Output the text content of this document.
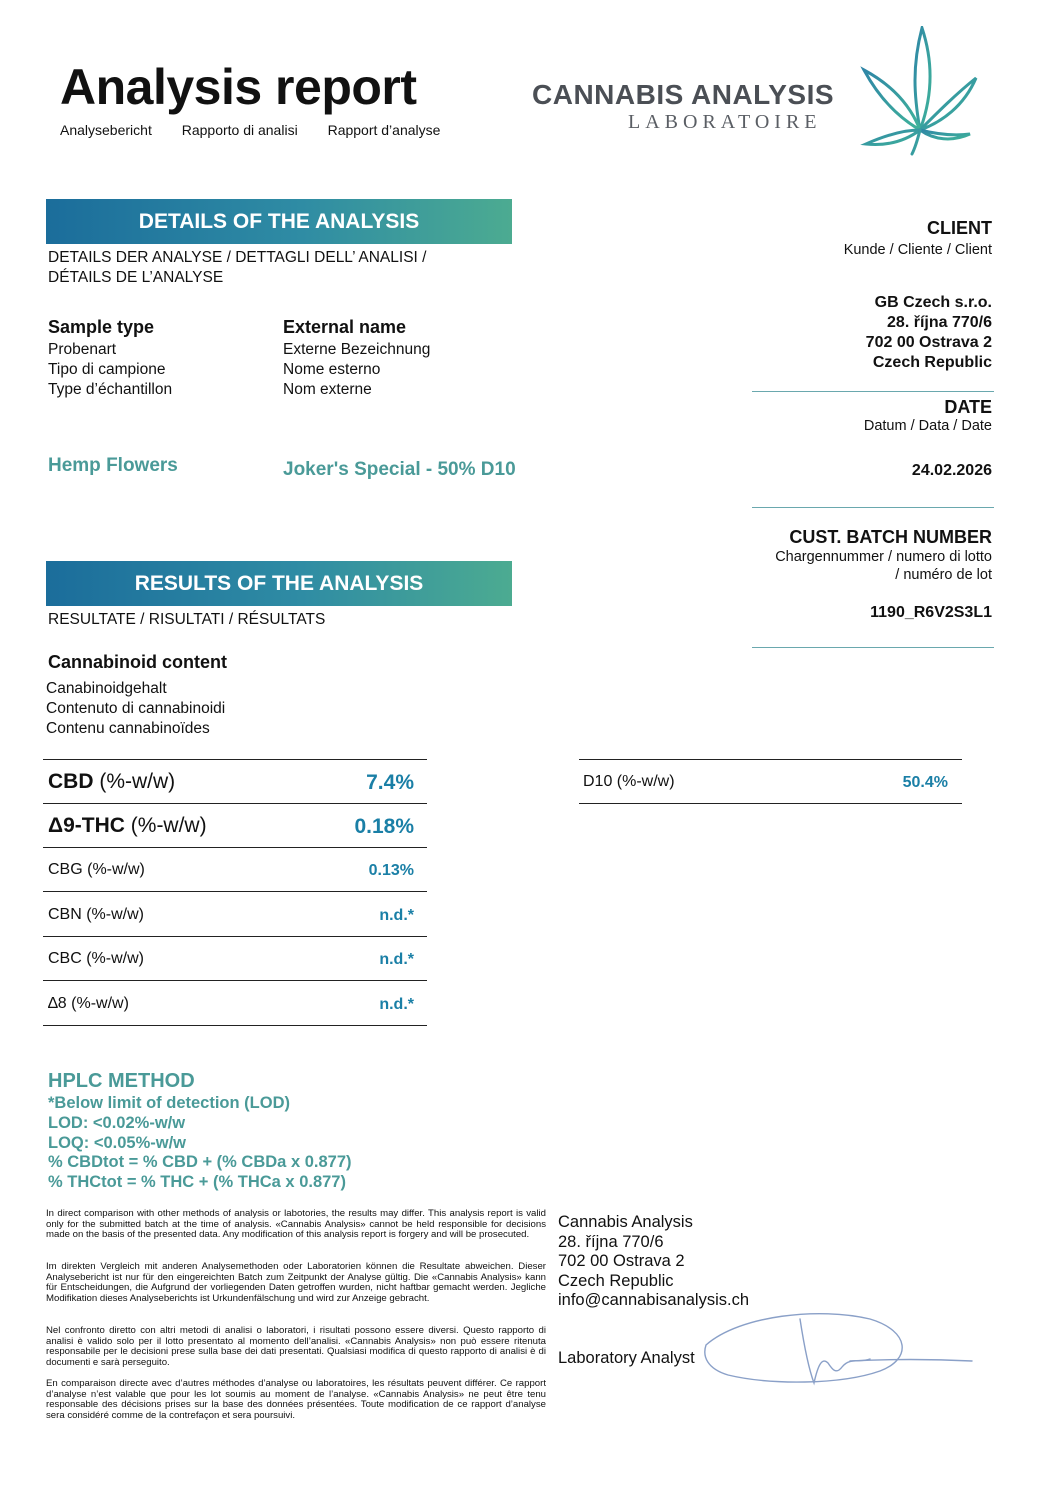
Analysis report
Analysebericht Rapporto di analisi Rapport d’analyse
CANNABIS ANALYSIS
LABORATOIRE
DETAILS OF THE ANALYSIS
DETAILS DER ANALYSE / DETTAGLI DELL’ ANALISI /
DÉTAILS DE L’ANALYSE
Sample type
Probenart
Tipo di campione
Type d’échantillon
Hemp Flowers
External name
Externe Bezeichnung
Nome esterno
Nom externe
Joker's Special - 50% D10
CLIENT
Kunde / Cliente / Client
GB Czech s.r.o.
28. října 770/6
702 00 Ostrava 2
Czech Republic
DATE
Datum / Data / Date
24.02.2026
CUST. BATCH NUMBER
Chargennummer / numero di lotto
/ numéro de lot
1190_R6V2S3L1
RESULTS OF THE ANALYSIS
RESULTATE / RISULTATI / RÉSULTATS
Cannabinoid content
Canabinoidgehalt
Contenuto di cannabinoidi
Contenu cannabinoïdes
CBD (%-w/w)	7.4%
Δ9-THC (%-w/w)	0.18%
CBG (%-w/w)	0.13%
CBN (%-w/w)	n.d.*
CBC (%-w/w)	n.d.*
∆8 (%-w/w)	n.d.*
D10 (%-w/w)	50.4%
HPLC METHOD
*Below limit of detection (LOD)
LOD: <0.02%-w/w
LOQ: <0.05%-w/w
% CBDtot = % CBD + (% CBDa x 0.877)
% THCtot = % THC + (% THCa x 0.877)
In direct comparison with other methods of analysis or labotories, the results may differ. This analysis report is valid only for the submitted batch at the time of analysis. «Cannabis Analysis» cannot be held responsible for decisions made on the basis of the presented data. Any modification of this analysis report is forgery and will be prosecuted.
Im direkten Vergleich mit anderen Analysemethoden oder Laboratorien können die Resultate abweichen. Dieser Analysebericht ist nur für den eingereichten Batch zum Zeitpunkt der Analyse gültig. Die «Cannabis Analysis» kann für Entscheidungen, die Aufgrund der vorliegenden Daten getroffen wurden, nicht haftbar gemacht werden. Jegliche Modifikation dieses Analyseberichts ist Urkundenfälschung und wird zur Anzeige gebracht.
Nel confronto diretto con altri metodi di analisi o laboratori, i risultati possono essere diversi. Questo rapporto di analisi è valido solo per il lotto presentato al momento dell’analisi. «Cannabis Analysis» non può essere ritenuta responsabile per le decisioni prese sulla base dei dati presentati. Qualsiasi modifica di questo rapporto di analisi è di documenti e sarà perseguito.
En comparaison directe avec d’autres méthodes d’analyse ou laboratoires, les résultats peuvent différer. Ce rapport d’analyse n’est valable que pour les lot soumis au moment de l’analyse. «Cannabis Analysis» ne peut être tenu responsable des décisions prises sur la base des données présentées. Toute modification de ce rapport d’analyse sera considéré comme de la contrefaçon et sera poursuivi.
Cannabis Analysis
28. října 770/6
702 00 Ostrava 2
Czech Republic
info@cannabisanalysis.ch
Laboratory Analyst
